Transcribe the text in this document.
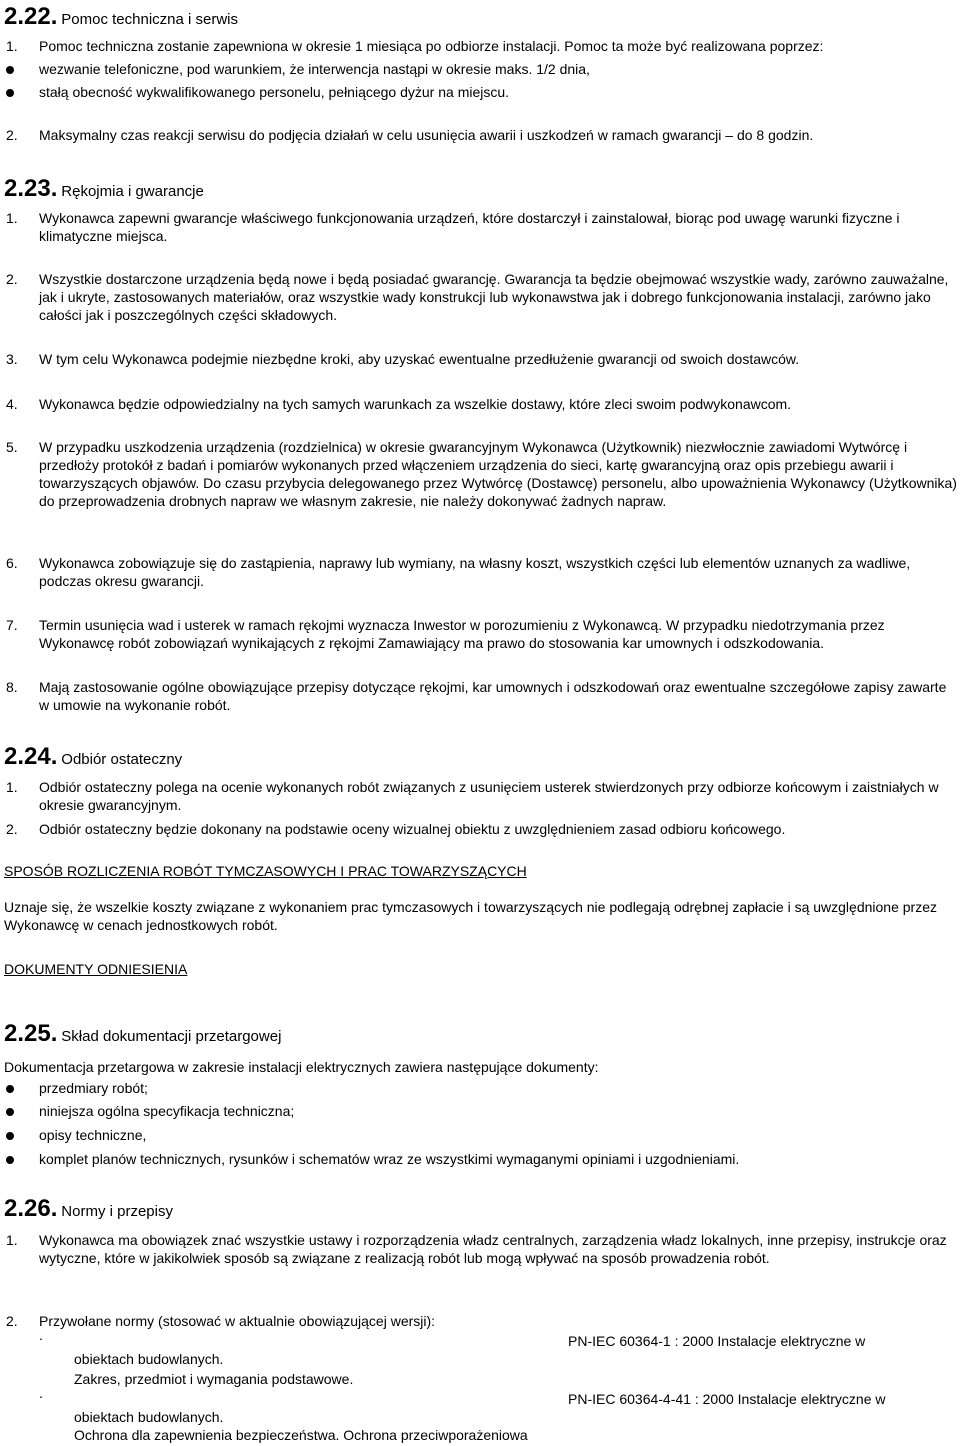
2.22. Pomoc techniczna i serwis
1. Pomoc techniczna zostanie zapewniona w okresie 1 miesiąca po odbiorze instalacji. Pomoc ta może być realizowana poprzez:
wezwanie telefoniczne, pod warunkiem, że interwencja nastąpi w okresie maks. 1/2 dnia,
stałą obecność wykwalifikowanego personelu, pełniącego dyżur na miejscu.
2. Maksymalny czas reakcji serwisu do podjęcia działań w celu usunięcia awarii i uszkodzeń w ramach gwarancji – do 8 godzin.
2.23. Rękojmia i gwarancje
1. Wykonawca zapewni gwarancje właściwego funkcjonowania urządzeń, które dostarczył i zainstalował, biorąc pod uwagę warunki fizyczne i klimatyczne miejsca.
2. Wszystkie dostarczone urządzenia będą nowe i będą posiadać gwarancję. Gwarancja ta będzie obejmować wszystkie wady, zarówno zauważalne, jak i ukryte, zastosowanych materiałów, oraz wszystkie wady konstrukcji lub wykonawstwa jak i dobrego funkcjonowania instalacji, zarówno jako całości jak i poszczególnych części składowych.
3. W tym celu Wykonawca podejmie niezbędne kroki, aby uzyskać ewentualne przedłużenie gwarancji od swoich dostawców.
4. Wykonawca będzie odpowiedzialny na tych samych warunkach za wszelkie dostawy, które zleci swoim podwykonawcom.
5. W przypadku uszkodzenia urządzenia (rozdzielnica) w okresie gwarancyjnym Wykonawca (Użytkownik) niezwłocznie zawiadomi Wytwórcę i przedłoży protokół z badań i pomiarów wykonanych przed włączeniem urządzenia do sieci, kartę gwarancyjną oraz opis przebiegu awarii i towarzyszących objawów. Do czasu przybycia delegowanego przez Wytwórcę (Dostawcę) personelu, albo upoważnienia Wykonawcy (Użytkownika) do przeprowadzenia drobnych napraw we własnym zakresie, nie należy dokonywać żadnych napraw.
6. Wykonawca zobowiązuje się do zastąpienia, naprawy lub wymiany, na własny koszt, wszystkich części lub elementów uznanych za wadliwe, podczas okresu gwarancji.
7. Termin usunięcia wad i usterek w ramach rękojmi wyznacza Inwestor w porozumieniu z Wykonawcą. W przypadku niedotrzymania przez Wykonawcę robót zobowiązań wynikających z rękojmi Zamawiający ma prawo do stosowania kar umownych i odszkodowania.
8. Mają zastosowanie ogólne obowiązujące przepisy dotyczące rękojmi, kar umownych i odszkodowań oraz ewentualne szczegółowe zapisy zawarte w umowie na wykonanie robót.
2.24. Odbiór ostateczny
1. Odbiór ostateczny polega na ocenie wykonanych robót związanych z usunięciem usterek stwierdzonych przy odbiorze końcowym i zaistniałych w okresie gwarancyjnym.
2. Odbiór ostateczny będzie dokonany na podstawie oceny wizualnej obiektu z uwzględnieniem zasad odbioru końcowego.
SPOSÓB ROZLICZENIA ROBÓT TYMCZASOWYCH I PRAC TOWARZYSZĄCYCH
Uznaje się, że wszelkie koszty związane z wykonaniem prac tymczasowych i towarzyszących nie podlegają odrębnej zapłacie i są uwzględnione przez Wykonawcę w cenach jednostkowych robót.
DOKUMENTY ODNIESIENIA
2.25. Skład dokumentacji przetargowej
Dokumentacja przetargowa w zakresie instalacji elektrycznych zawiera następujące dokumenty:
przedmiary robót;
niniejsza ogólna specyfikacja techniczna;
opisy techniczne,
komplet planów technicznych, rysunków i schematów wraz ze wszystkimi wymaganymi opiniami i uzgodnieniami.
2.26. Normy i przepisy
1. Wykonawca ma obowiązek znać wszystkie ustawy i rozporządzenia władz centralnych, zarządzenia władz lokalnych, inne przepisy, instrukcje oraz wytyczne, które w jakikolwiek sposób są związane z realizacją robót lub mogą wpływać na sposób prowadzenia robót.
2. Przywołane normy (stosować w aktualnie obowiązującej wersji):
.	PN-IEC 60364-1 : 2000 Instalacje elektryczne w
obiektach budowlanych.
Zakres, przedmiot i wymagania podstawowe.
.	PN-IEC 60364-4-41 : 2000 Instalacje elektryczne w
obiektach budowlanych.
Ochrona dla zapewnienia bezpieczeństwa. Ochrona przeciwporażeniowa
